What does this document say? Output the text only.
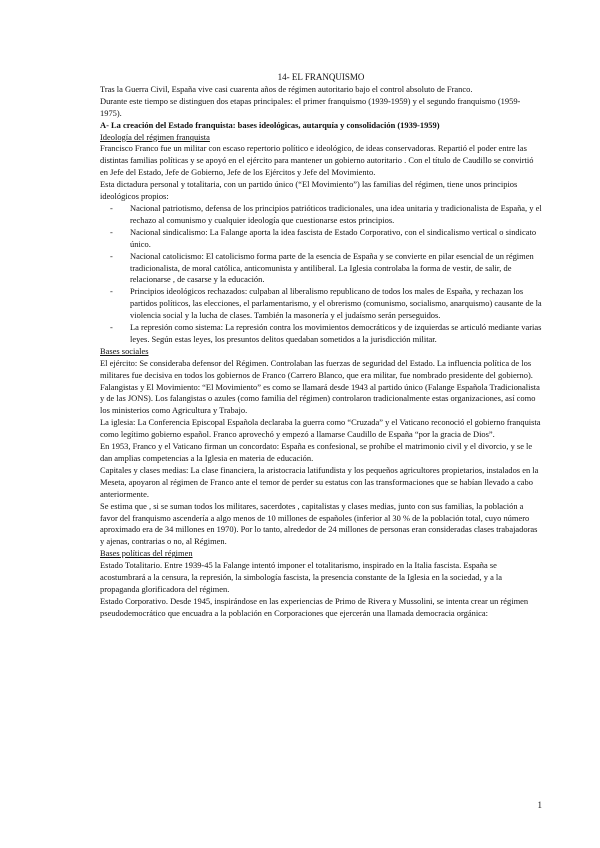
14- EL FRANQUISMO

Tras la Guerra Civil, España vive casi cuarenta años de régimen autoritario bajo el control absoluto de Franco.

Durante este tiempo se distinguen dos etapas principales: el primer franquismo (1939-1959) y el segundo franquismo (1959-1975).

A- La creación del Estado franquista: bases ideológicas, autarquía y consolidación (1939-1959)

Ideología del régimen franquista

Francisco Franco fue un militar con escaso repertorio político e ideológico, de ideas conservadoras. Repartió el poder entre las distintas familias políticas y se apoyó en el ejército para mantener un gobierno autoritario . Con el título de Caudillo se convirtió en Jefe del Estado, Jefe de Gobierno, Jefe de los Ejércitos y Jefe del Movimiento.

Esta dictadura personal y totalitaria, con un partido único (“El Movimiento”) las familias del régimen, tiene unos principios ideológicos propios:

- Nacional patriotismo, defensa de los principios patrióticos tradicionales, una idea unitaria y tradicionalista de España, y el rechazo al comunismo y cualquier ideología que cuestionarse estos principios.
- Nacional sindicalismo: La Falange aporta la idea fascista de Estado Corporativo, con el sindicalismo vertical o sindicato único.
- Nacional catolicismo: El catolicismo forma parte de la esencia de España y se convierte en pilar esencial de un régimen tradicionalista, de moral católica, anticomunista y antiliberal. La Iglesia controlaba la forma de vestir, de salir, de relacionarse , de casarse y la educación.
- Principios ideológicos rechazados: culpaban al liberalismo republicano de todos los males de España, y rechazan los partidos políticos, las elecciones, el parlamentarismo, y el obrerismo (comunismo, socialismo, anarquismo) causante de la violencia social y la lucha de clases. También la masonería y el judaísmo serán perseguidos.
- La represión como sistema: La represión contra los movimientos democráticos y de izquierdas se articuló mediante varias leyes. Según estas leyes, los presuntos delitos quedaban sometidos a la jurisdicción militar.

Bases sociales

El ejército: Se consideraba defensor del Régimen. Controlaban las fuerzas de seguridad del Estado. La influencia política de los militares fue decisiva en todos los gobiernos de Franco (Carrero Blanco, que era militar, fue nombrado presidente del gobierno).

Falangistas y El Movimiento: “El Movimiento” es como se llamará desde 1943 al partido único (Falange Española Tradicionalista y de las JONS). Los falangistas o azules (como familia del régimen) controlaron tradicionalmente estas organizaciones, así como los ministerios como Agricultura y Trabajo.

La iglesia: La Conferencia Episcopal Española declaraba la guerra como “Cruzada” y el Vaticano reconoció el gobierno franquista como legítimo gobierno español. Franco aprovechó y empezó a llamarse Caudillo de España “por la gracia de Dios”.

En 1953, Franco y el Vaticano firman un concordato: España es confesional, se prohíbe el matrimonio civil y el divorcio, y se le dan amplias competencias a la Iglesia en materia de educación.

Capitales y clases medias: La clase financiera, la aristocracia latifundista y los pequeños agricultores propietarios, instalados en la Meseta, apoyaron al régimen de Franco ante el temor de perder su estatus con las transformaciones que se habían llevado a cabo anteriormente.

Se estima que , si se suman todos los militares, sacerdotes , capitalistas y clases medias, junto con sus familias, la población a favor del franquismo ascendería a algo menos de 10 millones de españoles (inferior al 30 % de la población total, cuyo número aproximado era de 34 millones en 1970). Por lo tanto, alrededor de 24 millones de personas eran consideradas clases trabajadoras y ajenas, contrarias o no, al Régimen.

Bases políticas del régimen

Estado Totalitario. Entre 1939-45 la Falange intentó imponer el totalitarismo, inspirado en la Italia fascista. España se acostumbrará a la censura, la represión, la simbología fascista, la presencia constante de la Iglesia en la sociedad, y a la propaganda glorificadora del régimen.

Estado Corporativo. Desde 1945, inspirándose en las experiencias de Primo de Rivera y Mussolini, se intenta crear un régimen pseudodemocrático que encuadra a la población en Corporaciones que ejercerán una llamada democracia orgánica:

1
